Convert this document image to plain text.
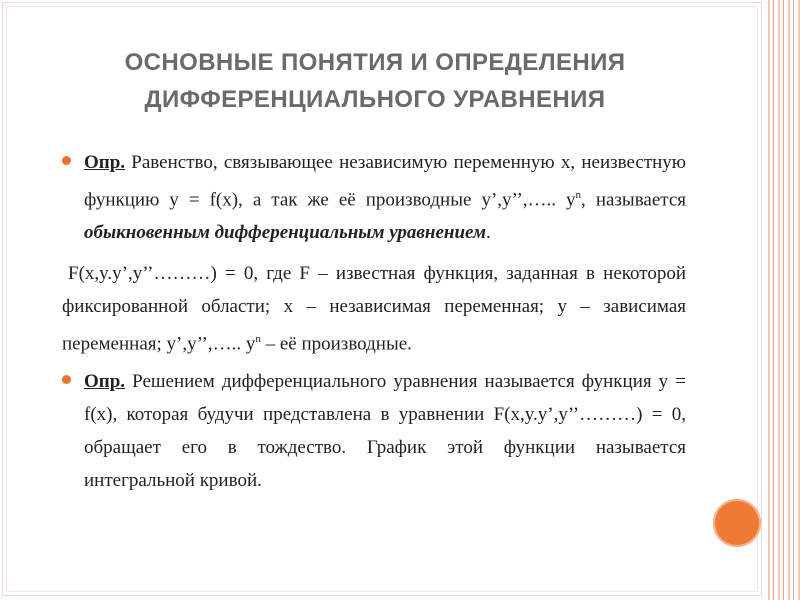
ОСНОВНЫЕ ПОНЯТИЯ И ОПРЕДЕЛЕНИЯ
ДИФФЕРЕНЦИАЛЬНОГО УРАВНЕНИЯ

Опр. Равенство, связывающее независимую переменную x, неизвестную функцию y = f(x), а так же её производные y’,y’’,….. $y^n$, называется обыкновенным дифференциальным уравнением.

F(x,y.y’,y’’………) = 0, где F – известная функция, заданная в некоторой фиксированной области; x – независимая переменная; y – зависимая переменная; y’,y’’,….. $y^n$ – её производные.

Опр. Решением дифференциального уравнения называется функция y = f(x), которая будучи представлена в уравнении F(x,y.y’,y’’………) = 0, обращает его в тождество. График этой функции называется интегральной кривой.
